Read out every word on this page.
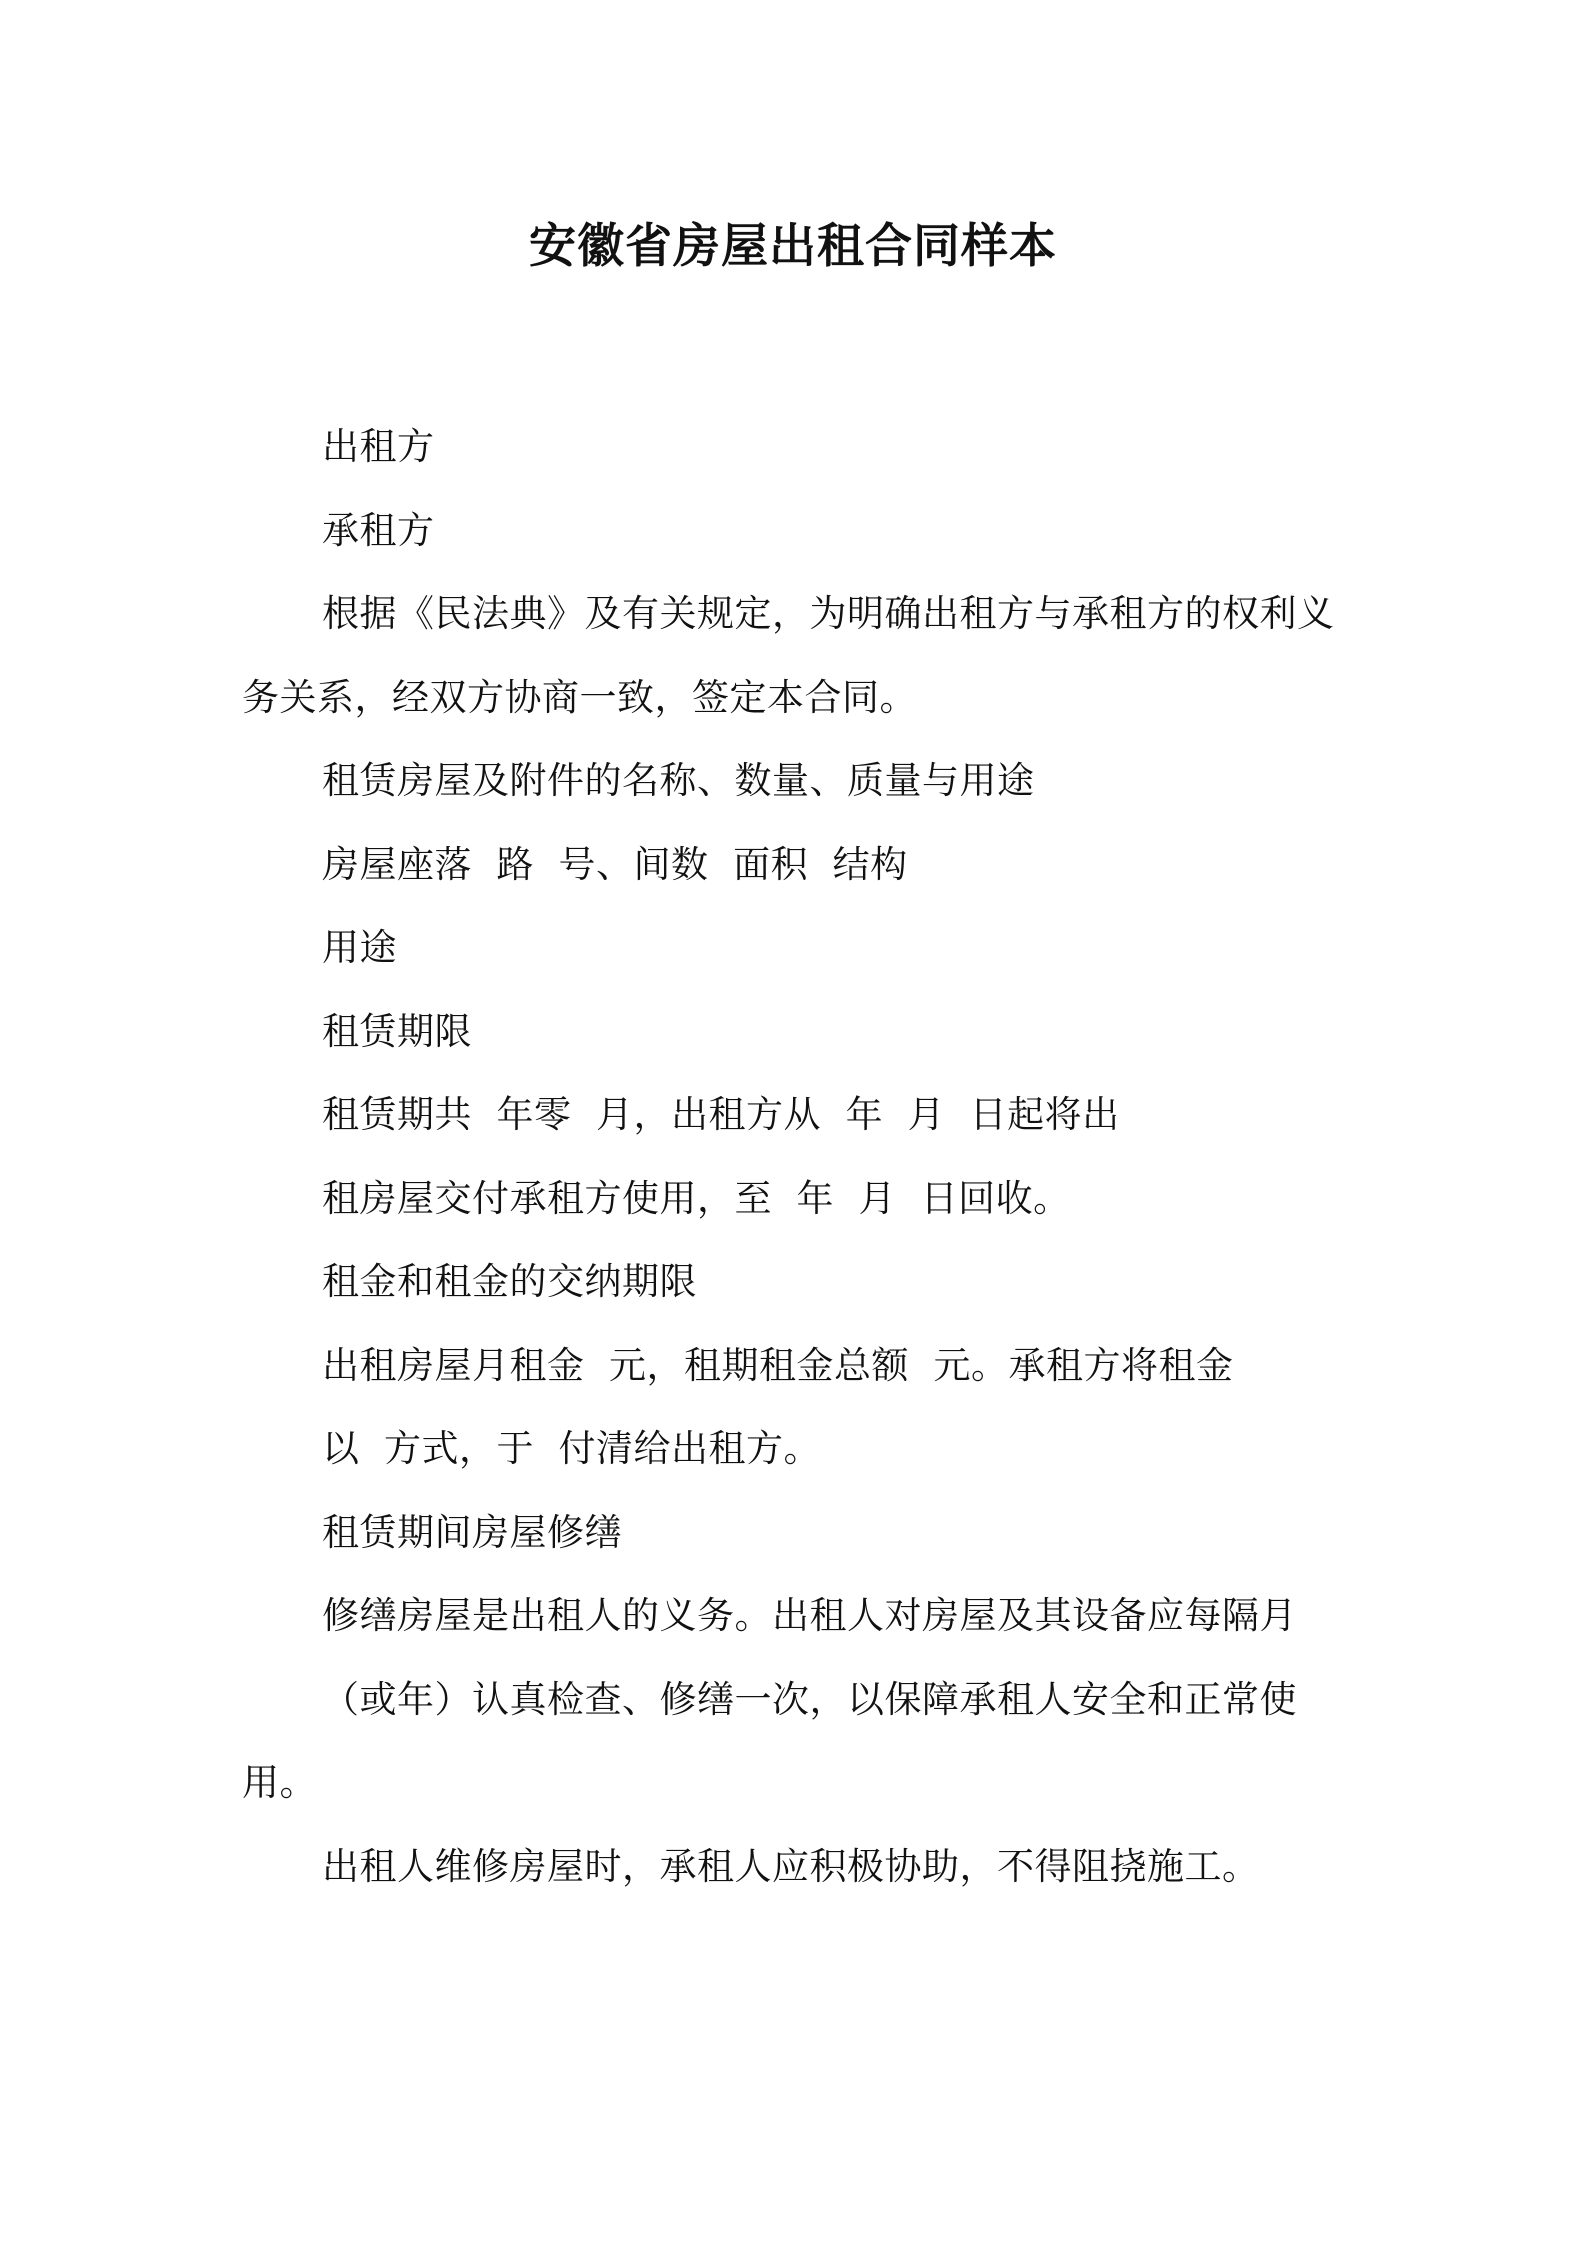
安徽省房屋出租合同样本

出租方

承租方

根据《民法典》及有关规定，为明确出租方与承租方的权利义务关系，经双方协商一致，签定本合同。

租赁房屋及附件的名称、数量、质量与用途

房屋座落  路  号、间数  面积  结构

用途

租赁期限

租赁期共  年零  月，出租方从  年  月  日起将出

租房屋交付承租方使用，至  年  月  日回收。

租金和租金的交纳期限

出租房屋月租金  元，租期租金总额  元。承租方将租金

以  方式，于  付清给出租方。

租赁期间房屋修缮

修缮房屋是出租人的义务。出租人对房屋及其设备应每隔月

（或年）认真检查、修缮一次，以保障承租人安全和正常使用。

出租人维修房屋时，承租人应积极协助，不得阻挠施工。
